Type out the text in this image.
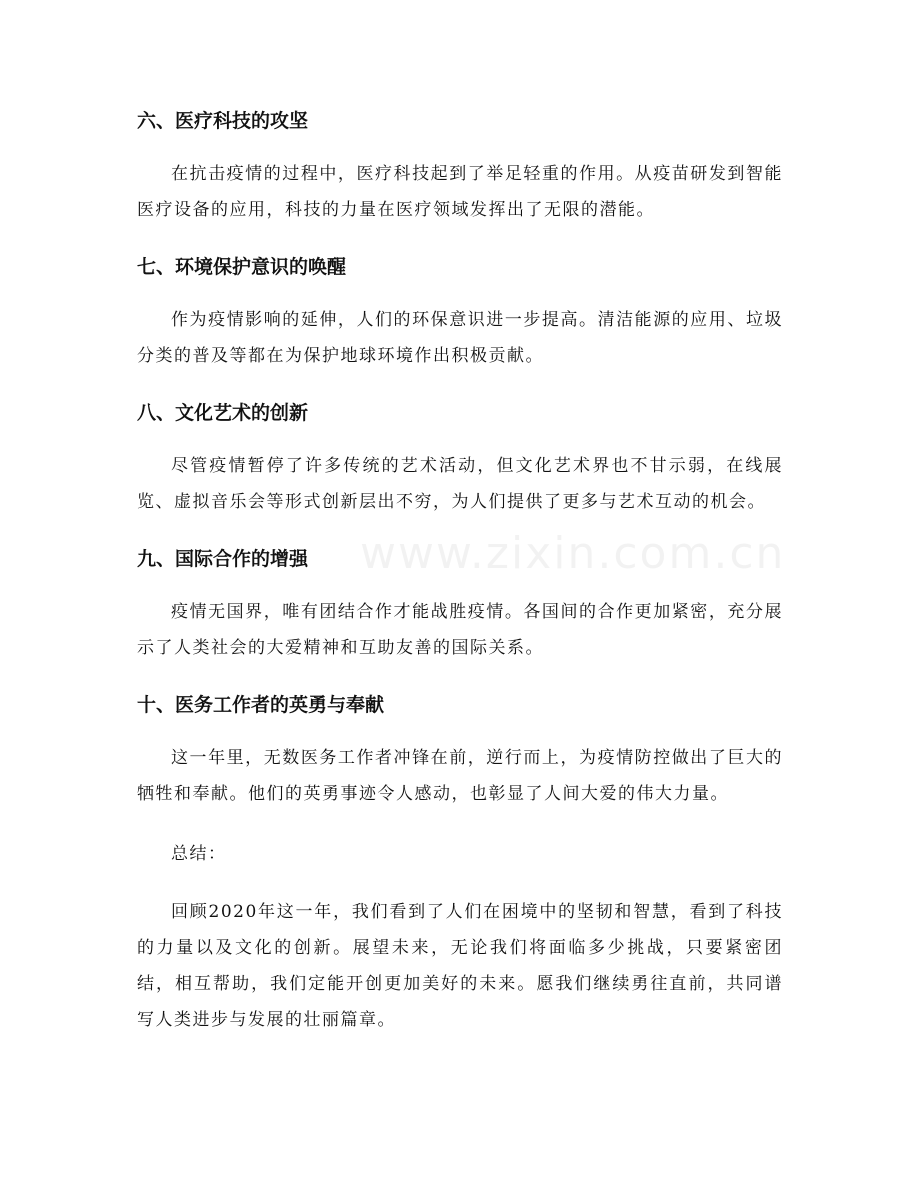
www.zixin.com.cn
六、医疗科技的攻坚

在抗击疫情的过程中，医疗科技起到了举足轻重的作用。从疫苗研发到智能医疗设备的应用，科技的力量在医疗领域发挥出了无限的潜能。

七、环境保护意识的唤醒

作为疫情影响的延伸，人们的环保意识进一步提高。清洁能源的应用、垃圾分类的普及等都在为保护地球环境作出积极贡献。

八、文化艺术的创新

尽管疫情暂停了许多传统的艺术活动，但文化艺术界也不甘示弱，在线展览、虚拟音乐会等形式创新层出不穷，为人们提供了更多与艺术互动的机会。

九、国际合作的增强

疫情无国界，唯有团结合作才能战胜疫情。各国间的合作更加紧密，充分展示了人类社会的大爱精神和互助友善的国际关系。

十、医务工作者的英勇与奉献

这一年里，无数医务工作者冲锋在前，逆行而上，为疫情防控做出了巨大的牺牲和奉献。他们的英勇事迹令人感动，也彰显了人间大爱的伟大力量。

总结：

回顾2020年这一年，我们看到了人们在困境中的坚韧和智慧，看到了科技的力量以及文化的创新。展望未来，无论我们将面临多少挑战，只要紧密团结，相互帮助，我们定能开创更加美好的未来。愿我们继续勇往直前，共同谱写人类进步与发展的壮丽篇章。
